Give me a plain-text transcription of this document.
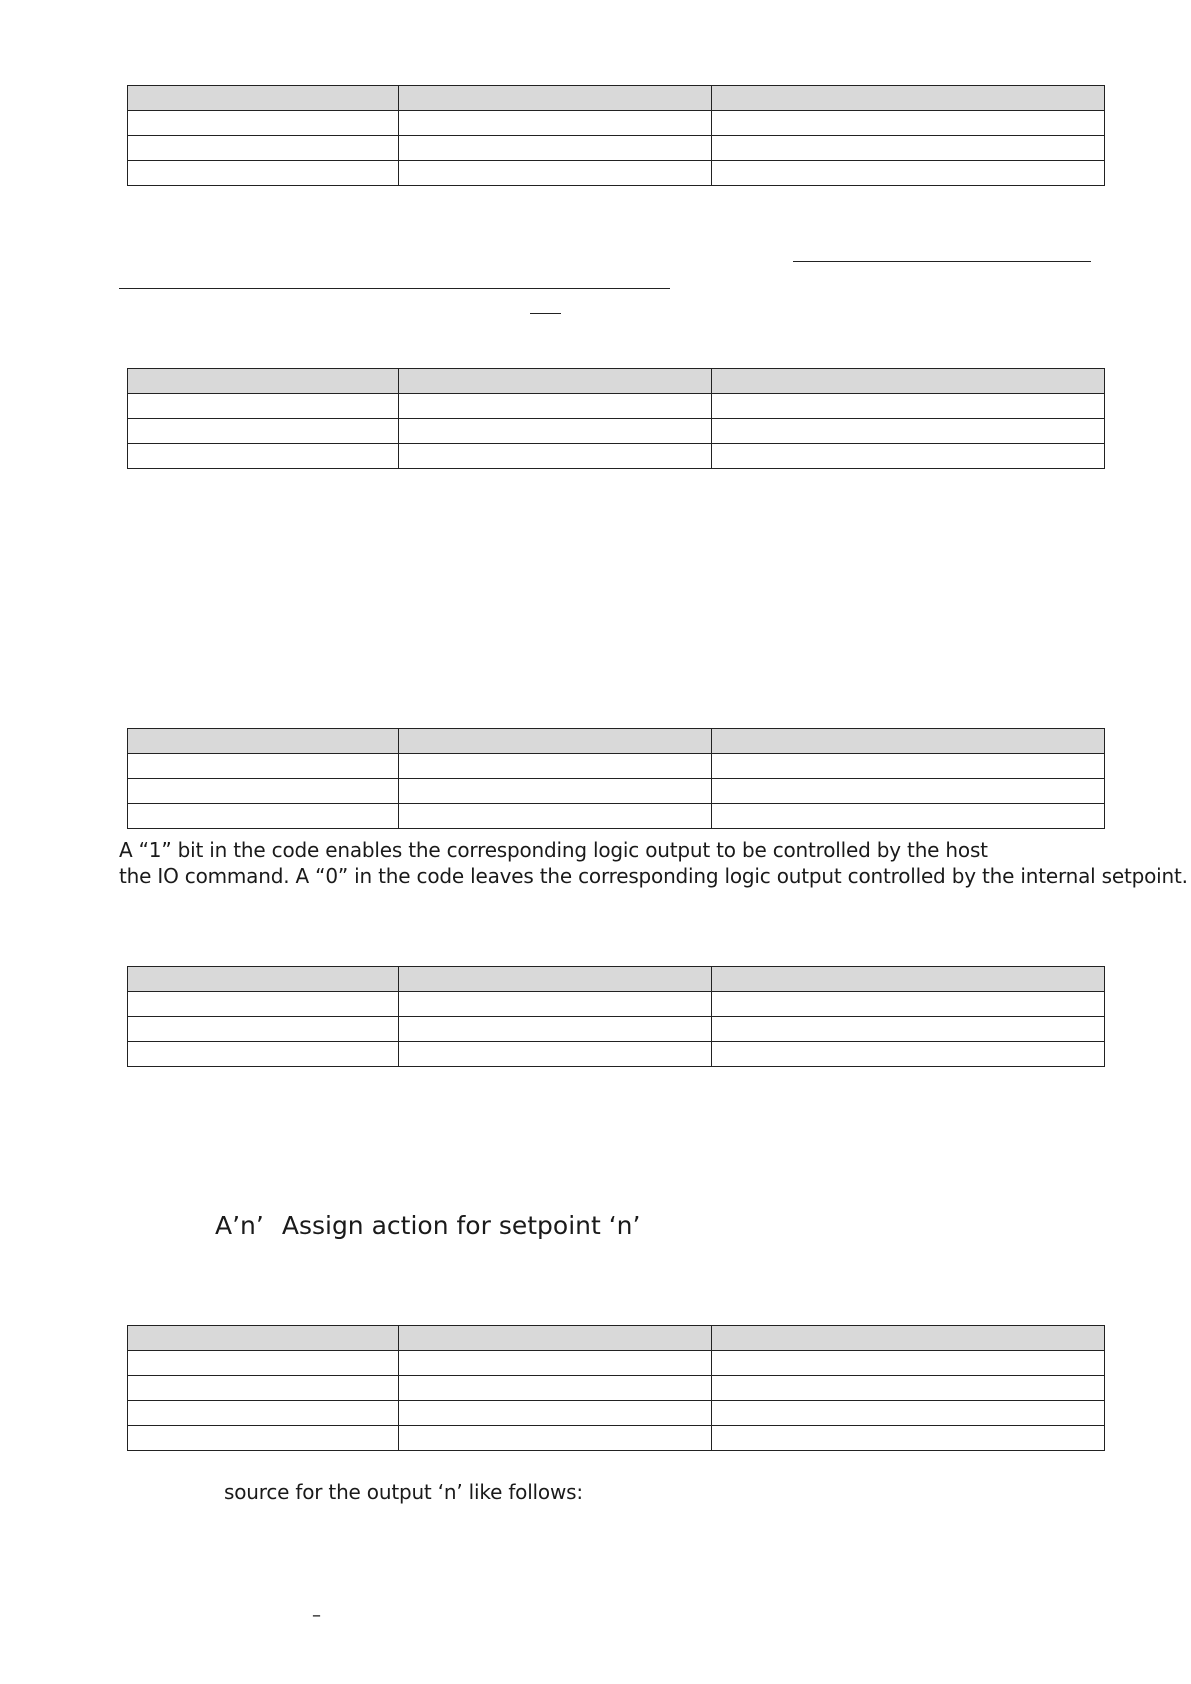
A “1” bit in the code enables the corresponding logic output to be controlled by the host
the IO command. A “0” in the code leaves the corresponding logic output controlled by the internal setpoint.

A’n’ Assign action for setpoint ‘n’

source for the output ‘n’ like follows:
–
